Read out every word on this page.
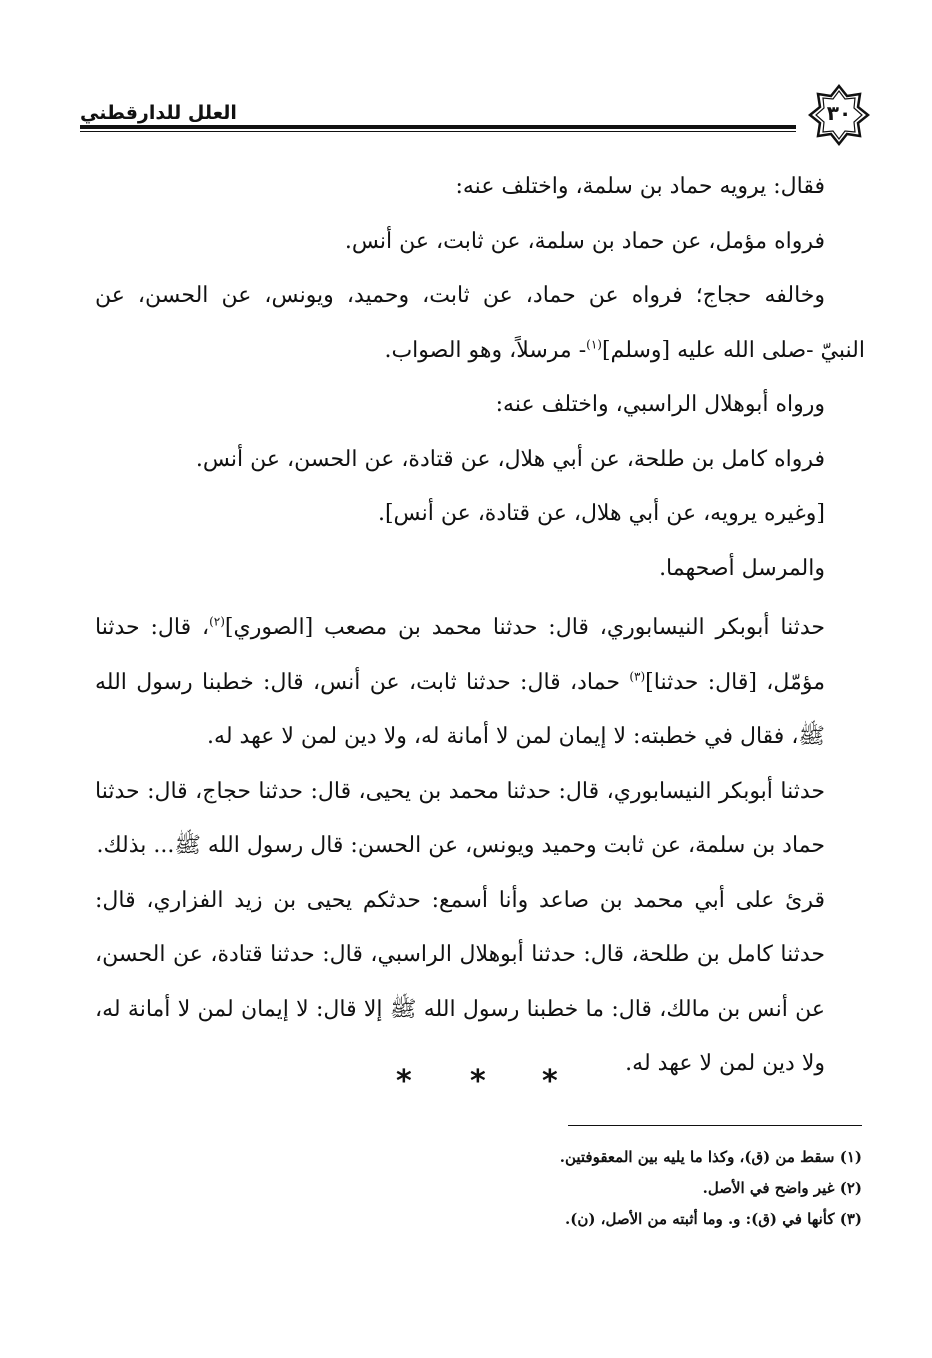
العلل للدارقطني	٣٠

فقال: يرويه حماد بن سلمة، واختلف عنه:

فرواه مؤمل، عن حماد بن سلمة، عن ثابت، عن أنس.

وخالفه حجاج؛ فرواه عن حماد، عن ثابت، وحميد، ويونس، عن الحسن، عن

النبيّ -صلى الله عليه [وسلم]$^{(١)}$- مرسلاً، وهو الصواب.

ورواه أبوهلال الراسبي، واختلف عنه:

فرواه كامل بن طلحة، عن أبي هلال، عن قتادة، عن الحسن، عن أنس.

[وغيره يرويه، عن أبي هلال، عن قتادة، عن أنس].

والمرسل أصحهما.

حدثنا أبوبكر النيسابوري، قال: حدثنا محمد بن مصعب [الصوري]$^{(٢)}$، قال: حدثنا مؤمّل، [قال: حدثنا]$^{(٣)}$ حماد، قال: حدثنا ثابت، عن أنس، قال: خطبنا رسول الله ﷺ، فقال في خطبته: لا إيمان لمن لا أمانة له، ولا دين لمن لا عهد له.

حدثنا أبوبكر النيسابوري، قال: حدثنا محمد بن يحيى، قال: حدثنا حجاج، قال: حدثنا حماد بن سلمة، عن ثابت وحميد ويونس، عن الحسن: قال رسول الله ﷺ... بذلك.

قرئ على أبي محمد بن صاعد وأنا أسمع: حدثكم يحيى بن زيد الفزاري، قال: حدثنا كامل بن طلحة، قال: حدثنا أبوهلال الراسبي، قال: حدثنا قتادة، عن الحسن، عن أنس بن مالك، قال: ما خطبنا رسول الله ﷺ إلا قال: لا إيمان لمن لا أمانة له، ولا دين لمن لا عهد له.

* * *

(١) سقط من (ق)، وكذا ما يليه بين المعقوفتين.

(٢) غير واضح في الأصل.

(٣) كأنها في (ق): و. وما أثبته من الأصل، (ن).
